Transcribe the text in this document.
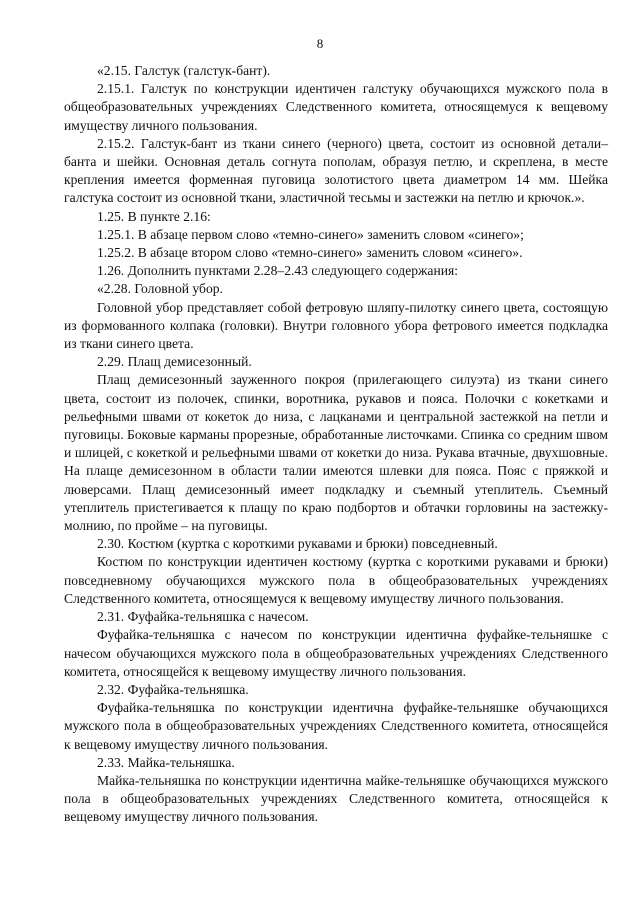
8

«2.15. Галстук (галстук-бант).

2.15.1. Галстук по конструкции идентичен галстуку обучающихся мужского пола в общеобразовательных учреждениях Следственного комитета, относящемуся к вещевому имуществу личного пользования.

2.15.2. Галстук-бант из ткани синего (черного) цвета, состоит из основной детали–банта и шейки. Основная деталь согнута пополам, образуя петлю, и скреплена, в месте крепления имеется форменная пуговица золотистого цвета диаметром 14 мм. Шейка галстука состоит из основной ткани, эластичной тесьмы и застежки на петлю и крючок.».

1.25. В пункте 2.16:

1.25.1. В абзаце первом слово «темно-синего» заменить словом «синего»;

1.25.2. В абзаце втором слово «темно-синего» заменить словом «синего».

1.26. Дополнить пунктами 2.28–2.43 следующего содержания:

«2.28. Головной убор.

Головной убор представляет собой фетровую шляпу-пилотку синего цвета, состоящую из формованного колпака (головки). Внутри головного убора фетрового имеется подкладка из ткани синего цвета.

2.29. Плащ демисезонный.

Плащ демисезонный зауженного покроя (прилегающего силуэта) из ткани синего цвета, состоит из полочек, спинки, воротника, рукавов и пояса. Полочки с кокетками и рельефными швами от кокеток до низа, с лацканами и центральной застежкой на петли и пуговицы. Боковые карманы прорезные, обработанные листочками. Спинка со средним швом и шлицей, с кокеткой и рельефными швами от кокетки до низа. Рукава втачные, двухшовные. На плаще демисезонном в области талии имеются шлевки для пояса. Пояс с пряжкой и люверсами. Плащ демисезонный имеет подкладку и съемный утеплитель. Съемный утеплитель пристегивается к плащу по краю подбортов и обтачки горловины на застежку-молнию, по пройме – на пуговицы.

2.30. Костюм (куртка с короткими рукавами и брюки) повседневный.

Костюм по конструкции идентичен костюму (куртка с короткими рукавами и брюки) повседневному обучающихся мужского пола в общеобразовательных учреждениях Следственного комитета, относящемуся к вещевому имуществу личного пользования.

2.31. Фуфайка-тельняшка с начесом.

Фуфайка-тельняшка с начесом по конструкции идентична фуфайке-тельняшке с начесом обучающихся мужского пола в общеобразовательных учреждениях Следственного комитета, относящейся к вещевому имуществу личного пользования.

2.32. Фуфайка-тельняшка.

Фуфайка-тельняшка по конструкции идентична фуфайке-тельняшке обучающихся мужского пола в общеобразовательных учреждениях Следственного комитета, относящейся к вещевому имуществу личного пользования.

2.33. Майка-тельняшка.

Майка-тельняшка по конструкции идентична майке-тельняшке обучающихся мужского пола в общеобразовательных учреждениях Следственного комитета, относящейся к вещевому имуществу личного пользования.
